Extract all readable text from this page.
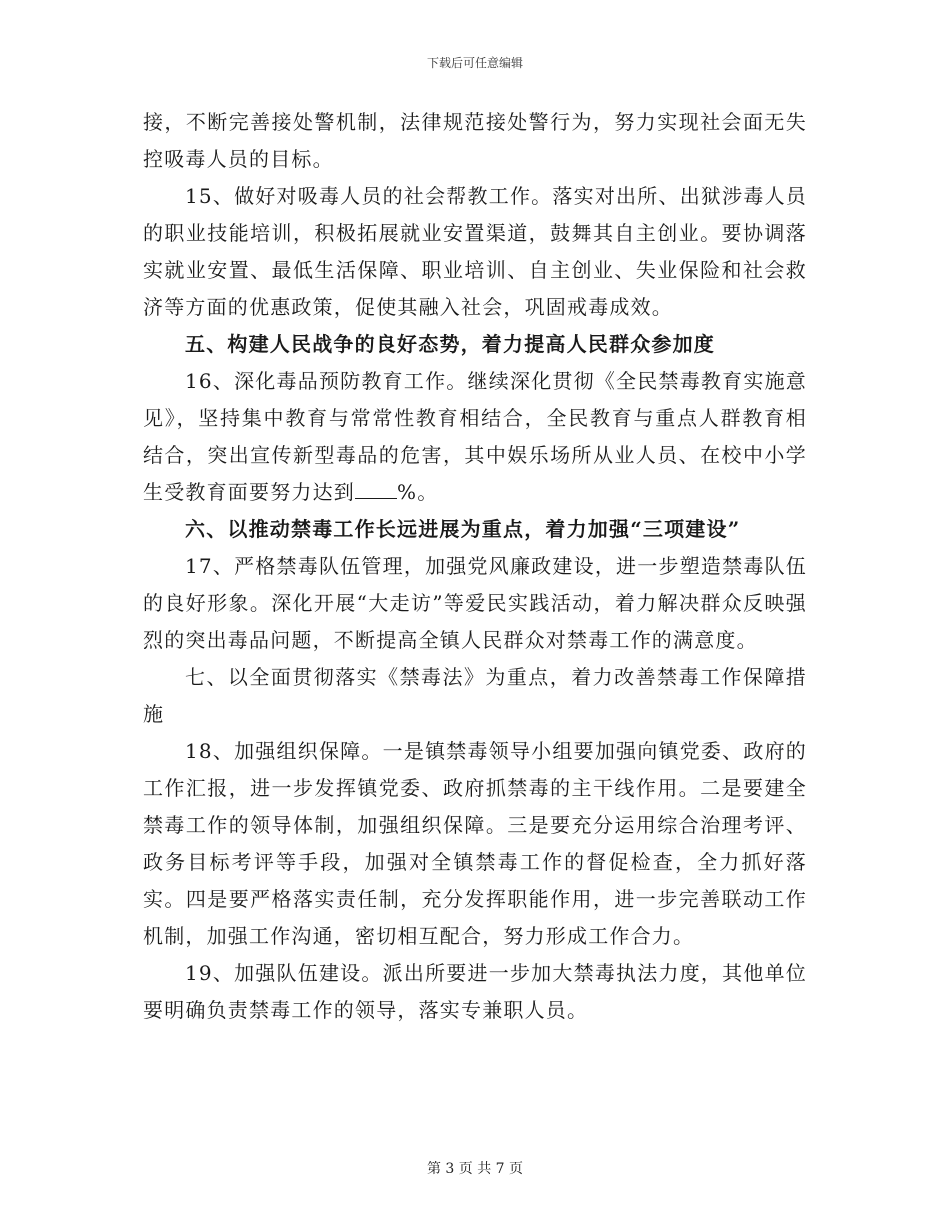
下载后可任意编辑

接，不断完善接处警机制，法律规范接处警行为，努力实现社会面无失控吸毒人员的目标。

15、做好对吸毒人员的社会帮教工作。落实对出所、出狱涉毒人员的职业技能培训，积极拓展就业安置渠道，鼓舞其自主创业。要协调落实就业安置、最低生活保障、职业培训、自主创业、失业保险和社会救济等方面的优惠政策，促使其融入社会，巩固戒毒成效。

五、构建人民战争的良好态势，着力提高人民群众参加度

16、深化毒品预防教育工作。继续深化贯彻《全民禁毒教育实施意见》，坚持集中教育与常常性教育相结合，全民教育与重点人群教育相结合，突出宣传新型毒品的危害，其中娱乐场所从业人员、在校中小学生受教育面要努力达到 %。

六、以推动禁毒工作长远进展为重点，着力加强“三项建设”

17、严格禁毒队伍管理，加强党风廉政建设，进一步塑造禁毒队伍的良好形象。深化开展“大走访”等爱民实践活动，着力解决群众反映强烈的突出毒品问题，不断提高全镇人民群众对禁毒工作的满意度。

七、以全面贯彻落实《禁毒法》为重点，着力改善禁毒工作保障措施

18、加强组织保障。一是镇禁毒领导小组要加强向镇党委、政府的工作汇报，进一步发挥镇党委、政府抓禁毒的主干线作用。二是要建全禁毒工作的领导体制，加强组织保障。三是要充分运用综合治理考评、政务目标考评等手段，加强对全镇禁毒工作的督促检查，全力抓好落实。四是要严格落实责任制，充分发挥职能作用，进一步完善联动工作机制，加强工作沟通，密切相互配合，努力形成工作合力。

19、加强队伍建设。派出所要进一步加大禁毒执法力度，其他单位要明确负责禁毒工作的领导，落实专兼职人员。

第 3 页 共 7 页
